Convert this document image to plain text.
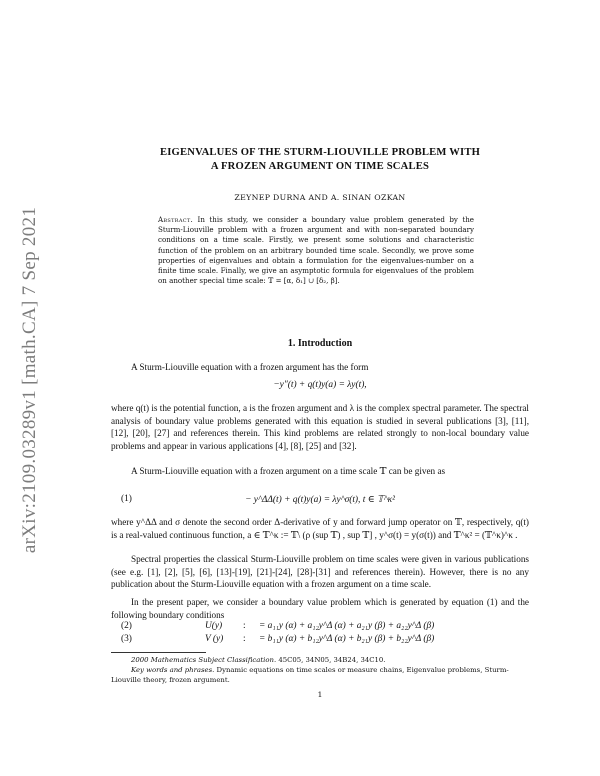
arXiv:2109.03289v1 [math.CA] 7 Sep 2021
EIGENVALUES OF THE STURM-LIOUVILLE PROBLEM WITH
A FROZEN ARGUMENT ON TIME SCALES
ZEYNEP DURNA AND A. SINAN OZKAN
Abstract. In this study, we consider a boundary value problem generated by the Sturm-Liouville problem with a frozen argument and with non-separated boundary conditions on a time scale. Firstly, we present some solutions and characteristic function of the problem on an arbitrary bounded time scale. Secondly, we prove some properties of eigenvalues and obtain a formulation for the eigenvalues-number on a finite time scale. Finally, we give an asymptotic formula for eigenvalues of the problem on another special time scale: 𝕋 = [α, δ₁] ∪ [δ₂, β].
1. Introduction
A Sturm-Liouville equation with a frozen argument has the form
−y″(t) + q(t)y(a) = λy(t),
where q(t) is the potential function, a is the frozen argument and λ is the complex spectral parameter. The spectral analysis of boundary value problems generated with this equation is studied in several publications [3], [11], [12], [20], [27] and references therein. This kind problems are related strongly to non-local boundary value problems and appear in various applications [4], [8], [25] and [32].
A Sturm-Liouville equation with a frozen argument on a time scale 𝕋 can be given as
(1)	− y^ΔΔ(t) + q(t)y(a) = λy^σ(t), t ∈ 𝕋^κ²
where y^ΔΔ and σ denote the second order Δ-derivative of y and forward jump operator on 𝕋, respectively, q(t) is a real-valued continuous function, a ∈ 𝕋^κ := 𝕋\ (ρ (sup 𝕋) , sup 𝕋] , y^σ(t) = y(σ(t)) and 𝕋^κ² = (𝕋^κ)^κ .
Spectral properties the classical Sturm-Liouville problem on time scales were given in various publications (see e.g. [1], [2], [5], [6], [13]-[19], [21]-[24], [28]-[31] and references therein). However, there is no any publication about the Sturm-Liouville equation with a frozen argument on a time scale.
In the present paper, we consider a boundary value problem which is generated by equation (1) and the following boundary conditions
(2)	U(y) : = a₁₁y (α) + a₁₂y^Δ (α) + a₂₁y (β) + a₂₂y^Δ (β)
(3)	V (y) : = b₁₁y (α) + b₁₂y^Δ (α) + b₂₁y (β) + b₂₂y^Δ (β)
2000 Mathematics Subject Classification. 45C05, 34N05, 34B24, 34C10.
Key words and phrases. Dynamic equations on time scales or measure chains, Eigenvalue problems, Sturm-Liouville theory, frozen argument.
1
